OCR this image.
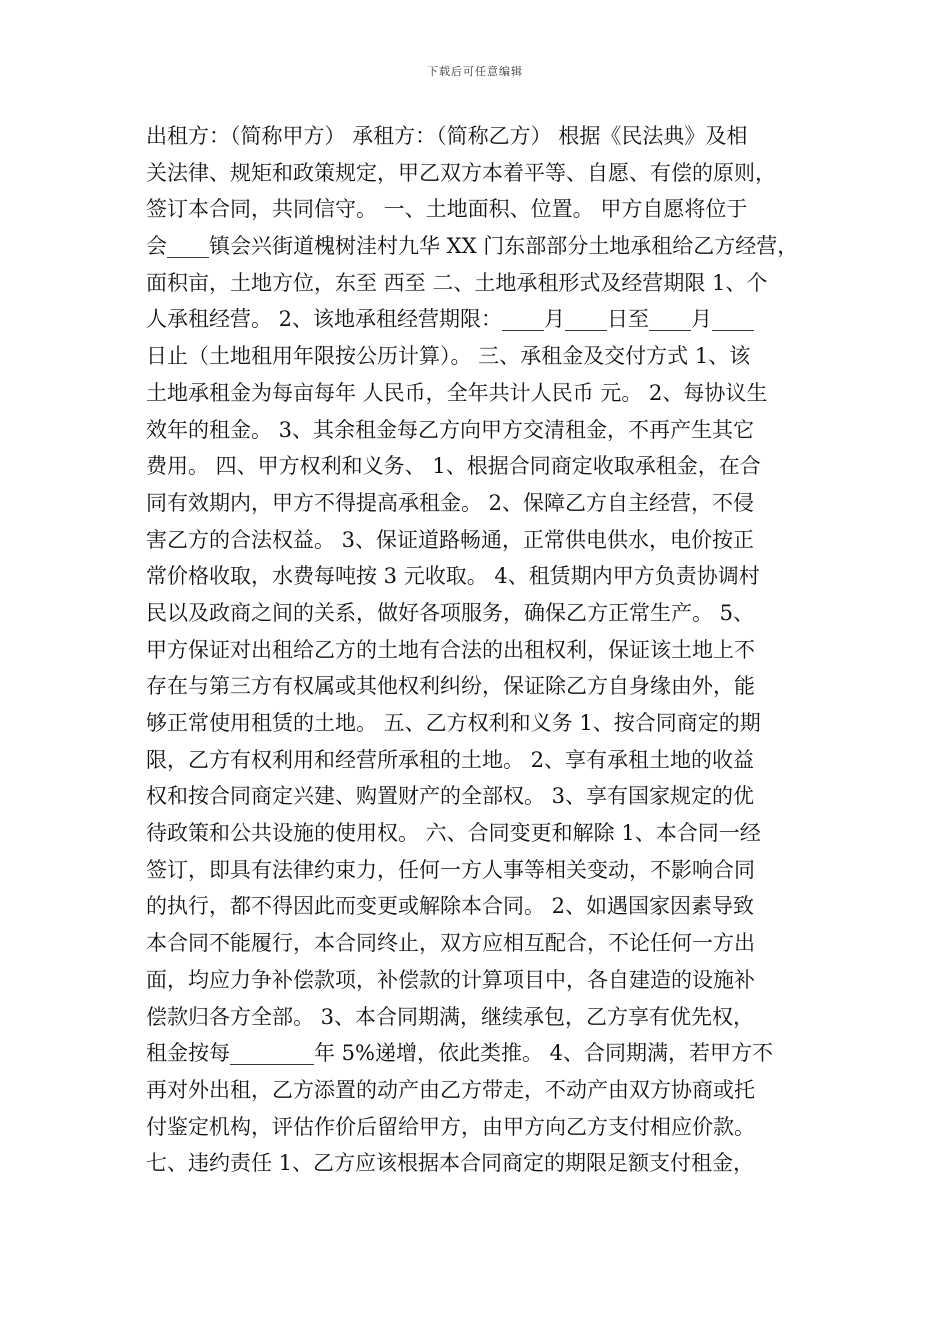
下载后可任意编辑
出租方：（简称甲方） 承租方：（简称乙方） 根据《民法典》及相
关法律、规矩和政策规定，甲乙双方本着平等、自愿、有偿的原则，
签订本合同，共同信守。 一、土地面积、位置。 甲方自愿将位于
会____镇会兴街道槐树洼村九华 XX 门东部部分土地承租给乙方经营，
面积亩，土地方位，东至 西至 二、土地承租形式及经营期限 1、个
人承租经营。 2、该地承租经营期限：____月____日至____月____
日止（土地租用年限按公历计算）。 三、承租金及交付方式 1、该
土地承租金为每亩每年 人民币，全年共计人民币 元。 2、每协议生
效年的租金。 3、其余租金每乙方向甲方交清租金，不再产生其它
费用。 四、甲方权利和义务、 1、根据合同商定收取承租金，在合
同有效期内，甲方不得提高承租金。 2、保障乙方自主经营，不侵
害乙方的合法权益。 3、保证道路畅通，正常供电供水，电价按正
常价格收取，水费每吨按 3 元收取。 4、租赁期内甲方负责协调村
民以及政商之间的关系，做好各项服务，确保乙方正常生产。 5、
甲方保证对出租给乙方的土地有合法的出租权利，保证该土地上不
存在与第三方有权属或其他权利纠纷，保证除乙方自身缘由外，能
够正常使用租赁的土地。 五、乙方权利和义务 1、按合同商定的期
限，乙方有权利用和经营所承租的土地。 2、享有承租土地的收益
权和按合同商定兴建、购置财产的全部权。 3、享有国家规定的优
待政策和公共设施的使用权。 六、合同变更和解除 1、本合同一经
签订，即具有法律约束力，任何一方人事等相关变动，不影响合同
的执行，都不得因此而变更或解除本合同。 2、如遇国家因素导致
本合同不能履行，本合同终止，双方应相互配合，不论任何一方出
面，均应力争补偿款项，补偿款的计算项目中，各自建造的设施补
偿款归各方全部。 3、本合同期满，继续承包，乙方享有优先权，
租金按每________年 5%递增，依此类推。 4、合同期满，若甲方不
再对外出租，乙方添置的动产由乙方带走，不动产由双方协商或托
付鉴定机构，评估作价后留给甲方，由甲方向乙方支付相应价款。
七、违约责任 1、乙方应该根据本合同商定的期限足额支付租金，
